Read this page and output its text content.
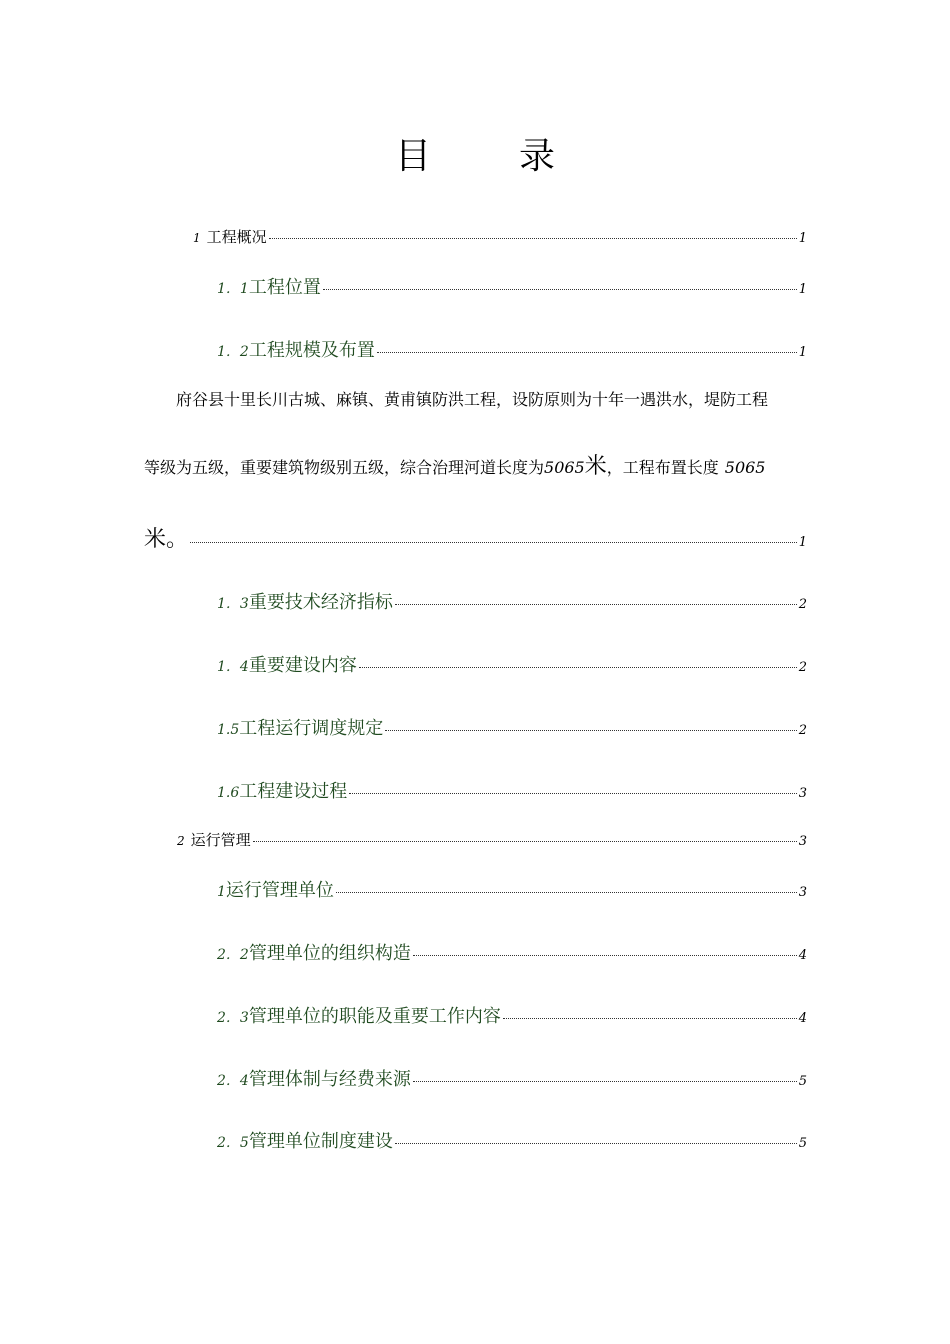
目 录
1 工程概况	1
1．1 工程位置	1
1．2 工程规模及布置	1
府谷县十里长川古城、麻镇、黄甫镇防洪工程，设防原则为十年一遇洪水，堤防工程
等级为五级，重要建筑物级别五级，综合治理河道长度为5065米，工程布置长度 5065
米。	1
1．3 重要技术经济指标	2
1．4 重要建设内容	2
1.5 工程运行调度规定	2
1.6 工程建设过程	3
2 运行管理	3
1 运行管理单位	3
2．2 管理单位的组织构造	4
2．3 管理单位的职能及重要工作内容	4
2．4 管理体制与经费来源	5
2．5 管理单位制度建设	5
